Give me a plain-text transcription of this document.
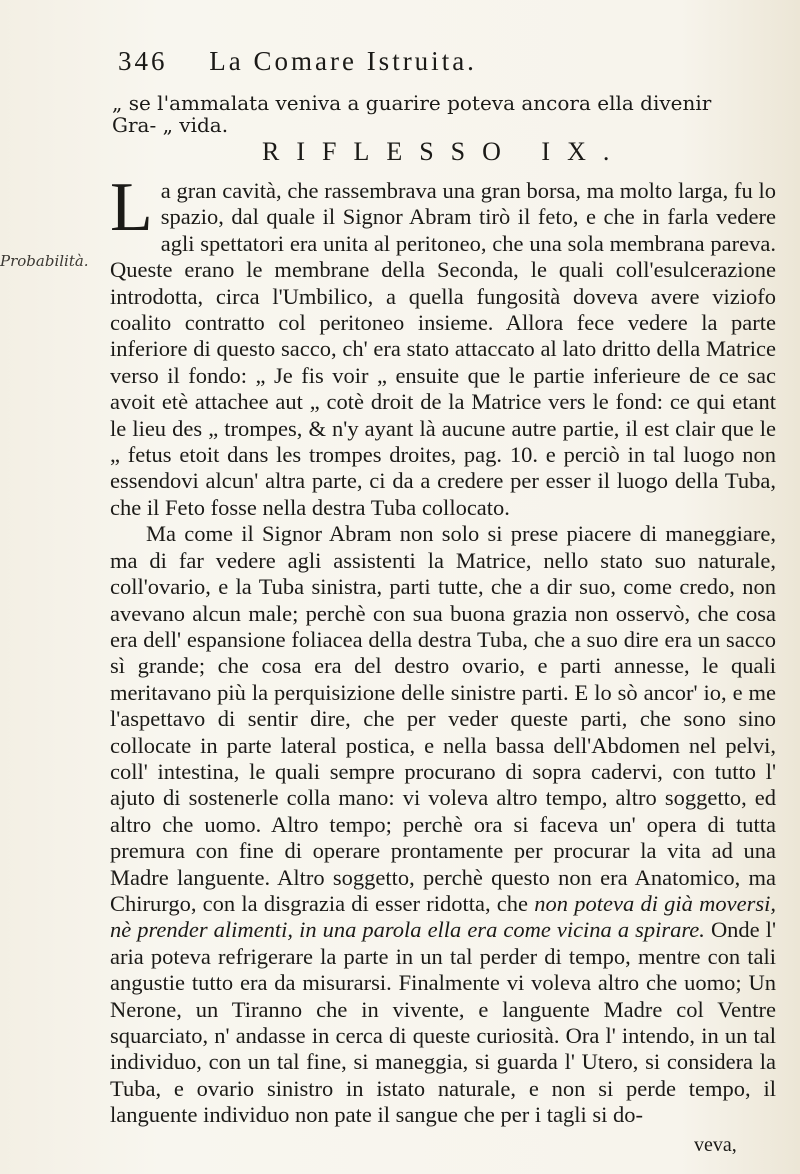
346 La Comare Istruita.
„ se l'ammalata veniva a guarire poteva ancora ella divenir Gra- „ vida.
RIFLESSO IX.
Probabilità.

La gran cavità, che rassembrava una gran borsa, ma molto larga, fu lo spazio, dal quale il Signor Abram tirò il feto, e che in farla vedere agli spettatori era unita al peritoneo, che una sola membrana pareva. Queste erano le membrane della Seconda, le quali coll'esulcerazione introdotta, circa l'Umbilico, a quella fungosità doveva avere viziofo coalito contratto col peritoneo insieme. Allora fece vedere la parte inferiore di questo sacco, ch' era stato attaccato al lato dritto della Matrice verso il fondo: „ Je fis voir „ ensuite que le partie inferieure de ce sac avoit etè attachee aut „ cotè droit de la Matrice vers le fond: ce qui etant le lieu des „ trompes, & n'y ayant là aucune autre partie, il est clair que le „ fetus etoit dans les trompes droites, pag. 10. e perciò in tal luogo non essendovi alcun' altra parte, ci da a credere per esser il luogo della Tuba, che il Feto fosse nella destra Tuba collocato.

Ma come il Signor Abram non solo si prese piacere di maneggiare, ma di far vedere agli assistenti la Matrice, nello stato suo naturale, coll'ovario, e la Tuba sinistra, parti tutte, che a dir suo, come credo, non avevano alcun male; perchè con sua buona grazia non osservò, che cosa era dell' espansione foliacea della destra Tuba, che a suo dire era un sacco sì grande; che cosa era del destro ovario, e parti annesse, le quali meritavano più la perquisizione delle sinistre parti. E lo sò ancor' io, e me l'aspettavo di sentir dire, che per veder queste parti, che sono sino collocate in parte lateral postica, e nella bassa dell'Abdomen nel pelvi, coll' intestina, le quali sempre procurano di sopra cadervi, con tutto l' ajuto di sostenerle colla mano: vi voleva altro tempo, altro soggetto, ed altro che uomo. Altro tempo; perchè ora si faceva un' opera di tutta premura con fine di operare prontamente per procurar la vita ad una Madre languente. Altro soggetto, perchè questo non era Anatomico, ma Chirurgo, con la disgrazia di esser ridotta, che non poteva di già moversi, nè prender alimenti, in una parola ella era come vicina a spirare. Onde l' aria poteva refrigerare la parte in un tal perder di tempo, mentre con tali angustie tutto era da misurarsi. Finalmente vi voleva altro che uomo; Un Nerone, un Tiranno che in vivente, e languente Madre col Ventre squarciato, n' andasse in cerca di queste curiosità. Ora l' intendo, in un tal individuo, con un tal fine, si maneggia, si guarda l' Utero, si considera la Tuba, e ovario sinistro in istato naturale, e non si perde tempo, il languente individuo non pate il sangue che per i tagli si do-

veva,
